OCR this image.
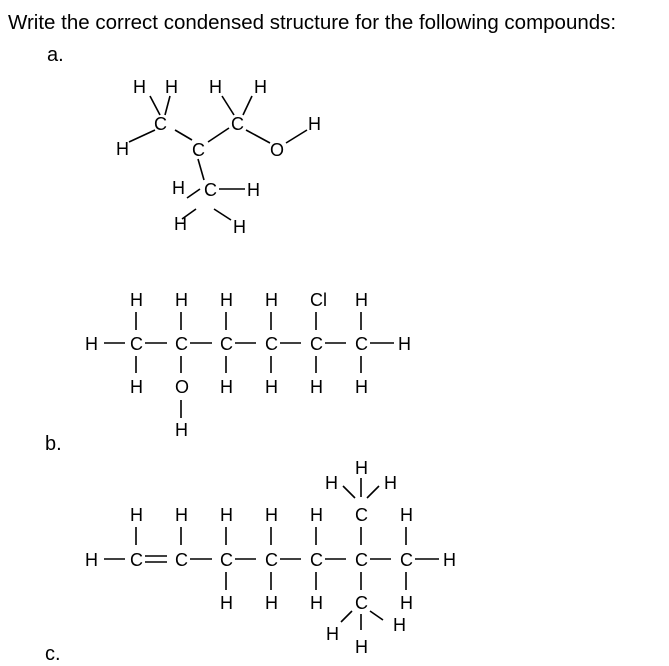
Write the correct condensed structure for the following compounds:
a.
b.
c.
H H H H
C	C	H
H	C	O
H C H
H	H
H H H H Cl H
H C C C C C C H
H O H H H H
H
H
H	H
H H H H H C H
H C C C C C C C H
H H H C H
H
H
H
